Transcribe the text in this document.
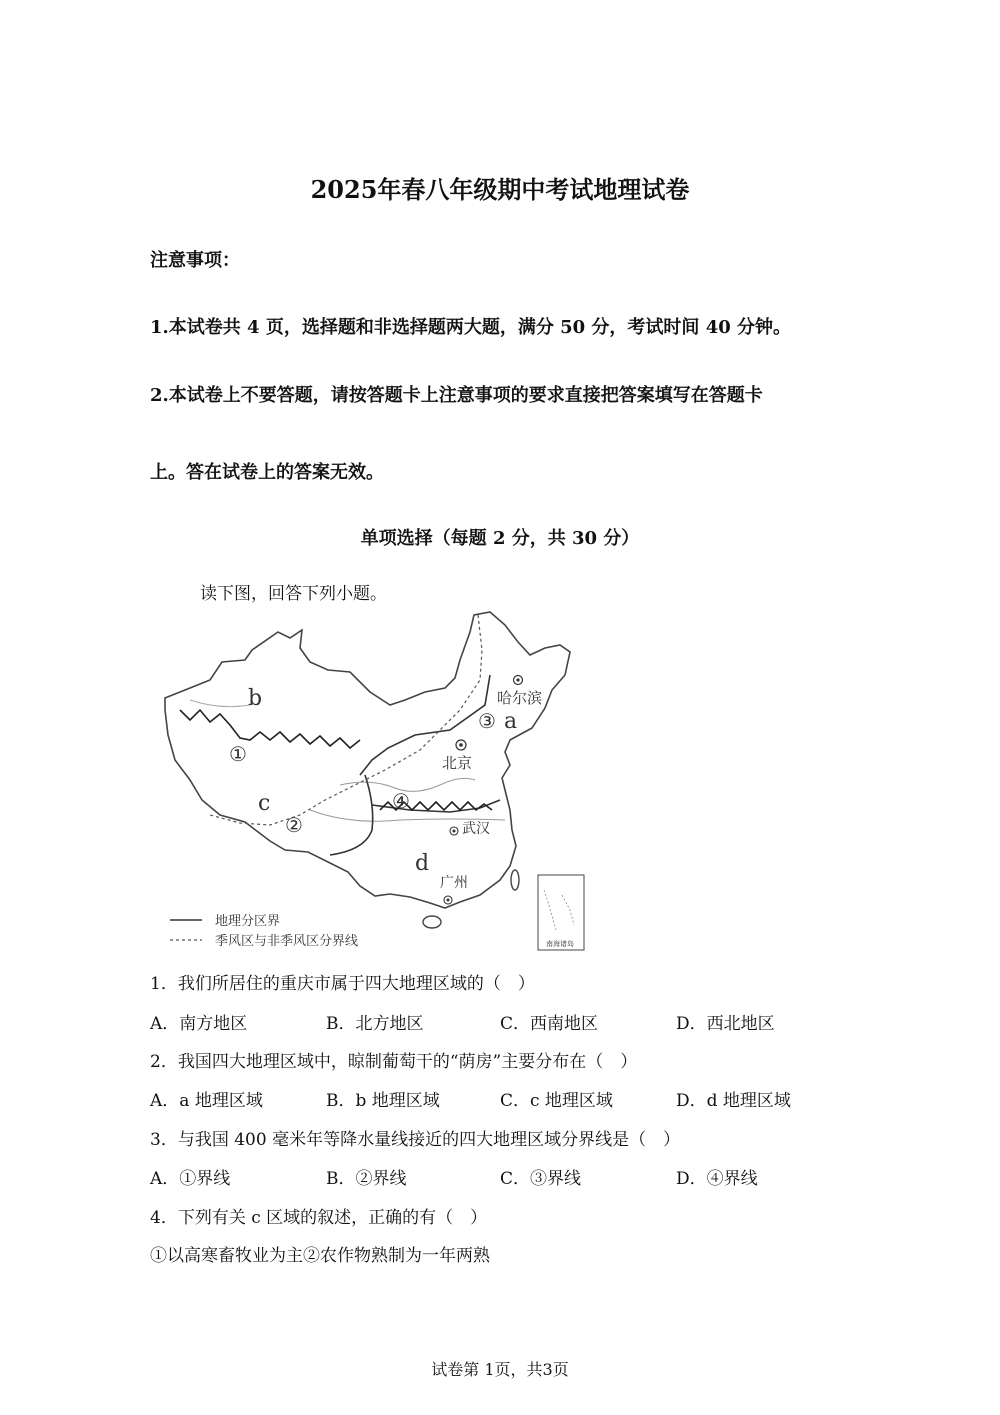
2025年春八年级期中考试地理试卷
注意事项：
1.本试卷共 4 页，选择题和非选择题两大题，满分 50 分，考试时间 40 分钟。
2.本试卷上不要答题，请按答题卡上注意事项的要求直接把答案填写在答题卡
上。答在试卷上的答案无效。
单项选择（每题 2 分，共 30 分）
读下图，回答下列小题。
南海诸岛
b
a
c
d
①
②
③
④
哈尔滨
北京
武汉
广州
地理分区界
季风区与非季风区分界线
1．我们所居住的重庆市属于四大地理区域的（　）
A．南方地区	B．北方地区	C．西南地区	D．西北地区
2．我国四大地理区域中，晾制葡萄干的“荫房”主要分布在（　）
A．a 地理区域	B．b 地理区域	C．c 地理区域	D．d 地理区域
3．与我国 400 毫米年等降水量线接近的四大地理区域分界线是（　）
A．①界线	B．②界线	C．③界线	D．④界线
4．下列有关 c 区域的叙述，正确的有（　）
①以高寒畜牧业为主②农作物熟制为一年两熟
试卷第 1页，共3页
